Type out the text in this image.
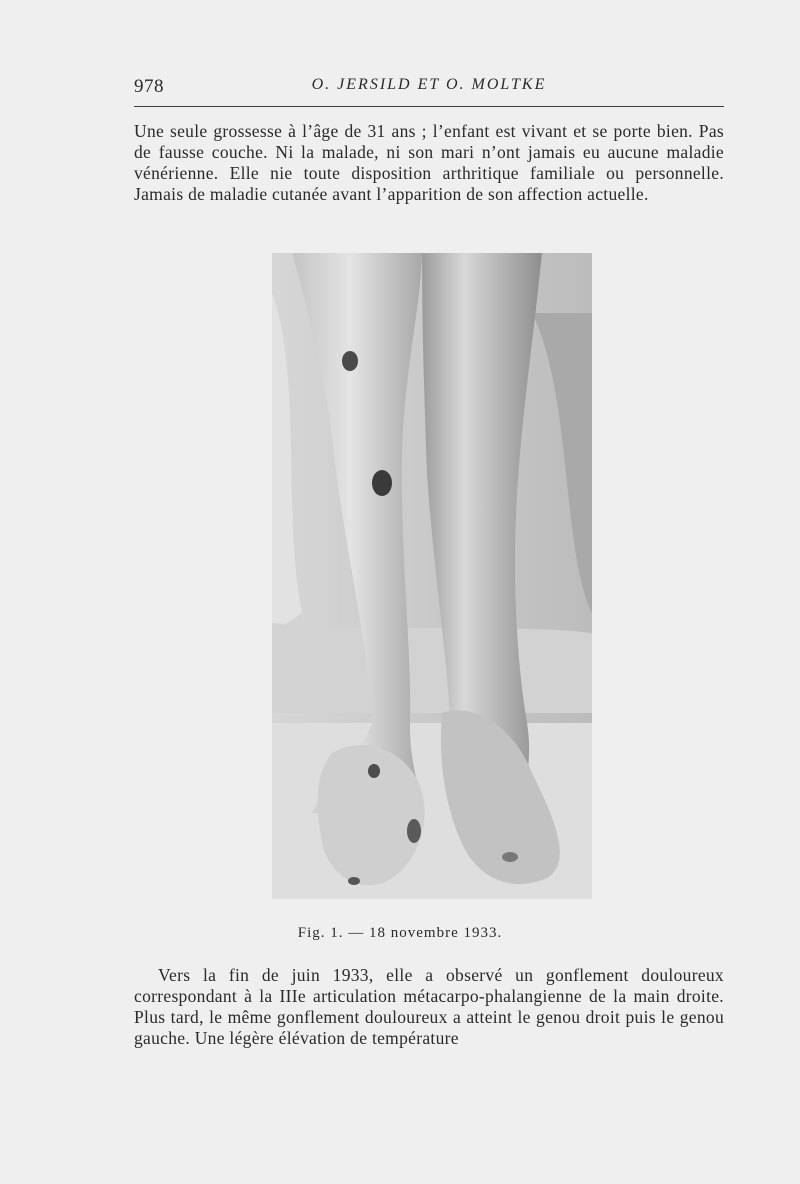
978	O. JERSILD ET O. MOLTKE
Une seule grossesse à l’âge de 31 ans ; l’enfant est vivant et se porte bien. Pas de fausse couche. Ni la malade, ni son mari n’ont jamais eu aucune maladie vénérienne. Elle nie toute disposition arthritique familiale ou personnelle. Jamais de maladie cutanée avant l’apparition de son affection actuelle.
Fig. 1. — 18 novembre 1933.
Vers la fin de juin 1933, elle a observé un gonflement douloureux correspondant à la IIIe articulation métacarpo-phalangienne de la main droite. Plus tard, le même gonflement douloureux a atteint le genou droit puis le genou gauche. Une légère élévation de température
